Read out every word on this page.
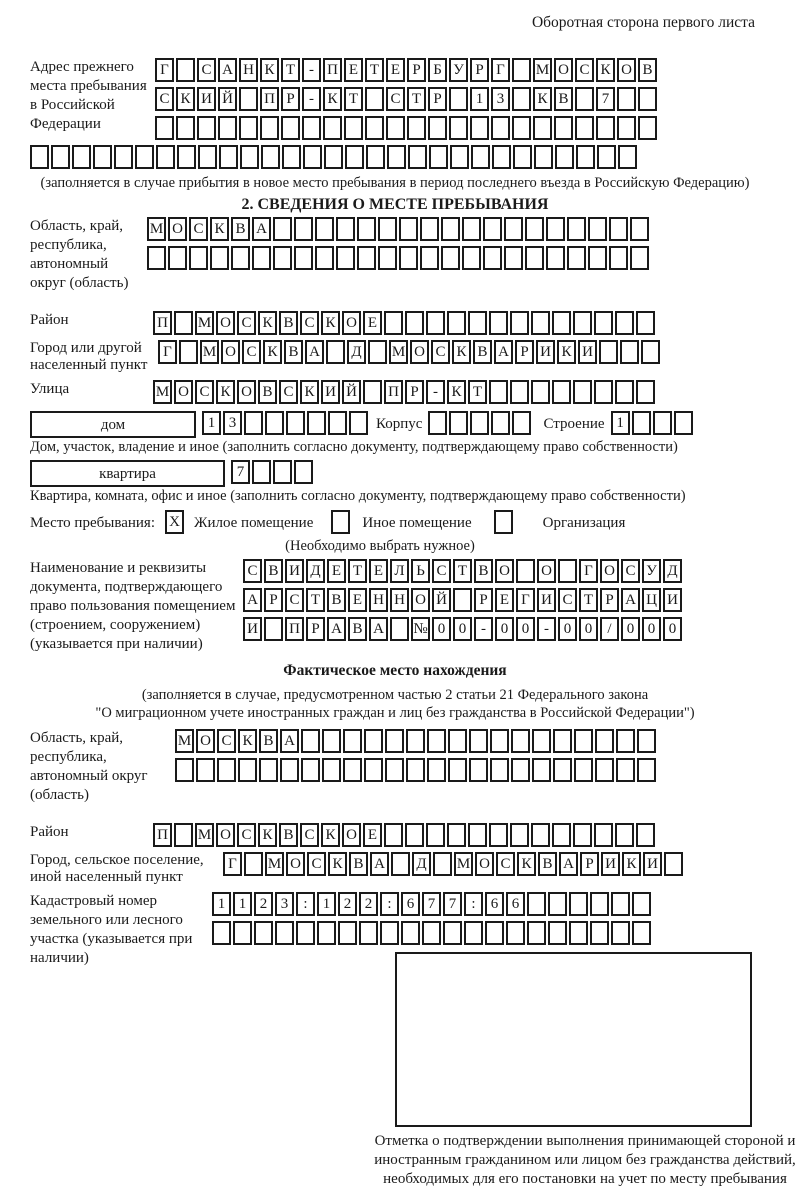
Оборотная сторона первого листа
Адрес прежнего места пребывания в Российской Федерации
Г С А Н К Т - П Е Т Е Р Б У Р Г М О С К О В
С К И Й П Р - К Т С Т Р 1 3 К В 7
(заполняется в случае прибытия в новое место пребывания в период последнего въезда в Российскую Федерацию)
2. СВЕДЕНИЯ О МЕСТЕ ПРЕБЫВАНИЯ
Область, край, республика, автономный округ (область)
М О С К В А
Район	П М О С К В С К О Е
Город или другой населенный пункт
Г М О С К В А Д М О С К В А Р И К И
Улица	М О С К О В С К И Й П Р - К Т
дом	1 3	Корпус	Строение 1
Дом, участок, владение и иное (заполнить согласно документу, подтверждающему право собственности)
квартира	7
Квартира, комната, офис и иное (заполнить согласно документу, подтверждающему право собственности)
Место пребывания: X Жилое помещение	Иное помещение	Организация
(Необходимо выбрать нужное)
Наименование и реквизиты документа, подтверждающего право пользования помещением (строением, сооружением) (указывается при наличии)
С В И Д Е Т Е Л Ь С Т В О О Г О С У Д
А Р С Т В Е Н Н О Й Р Е Г И С Т Р А Ц И
И П Р А В А № 0 0 - 0 0 - 0 0 / 0 0 0
Фактическое место нахождения
(заполняется в случае, предусмотренном частью 2 статьи 21 Федерального закона
"О миграционном учете иностранных граждан и лиц без гражданства в Российской Федерации")
Область, край, республика, автономный округ (область)
М О С К В А
Район	П М О С К В С К О Е
Город, сельское поселение, иной населенный пункт
Г М О С К В А Д М О С К В А Р И К И
Кадастровый номер земельного или лесного участка (указывается при наличии)
1 1 2 3 : 1 2 2 : 6 7 7 : 6 6
Отметка о подтверждении выполнения принимающей стороной и иностранным гражданином или лицом без гражданства действий, необходимых для его постановки на учет по месту пребывания
